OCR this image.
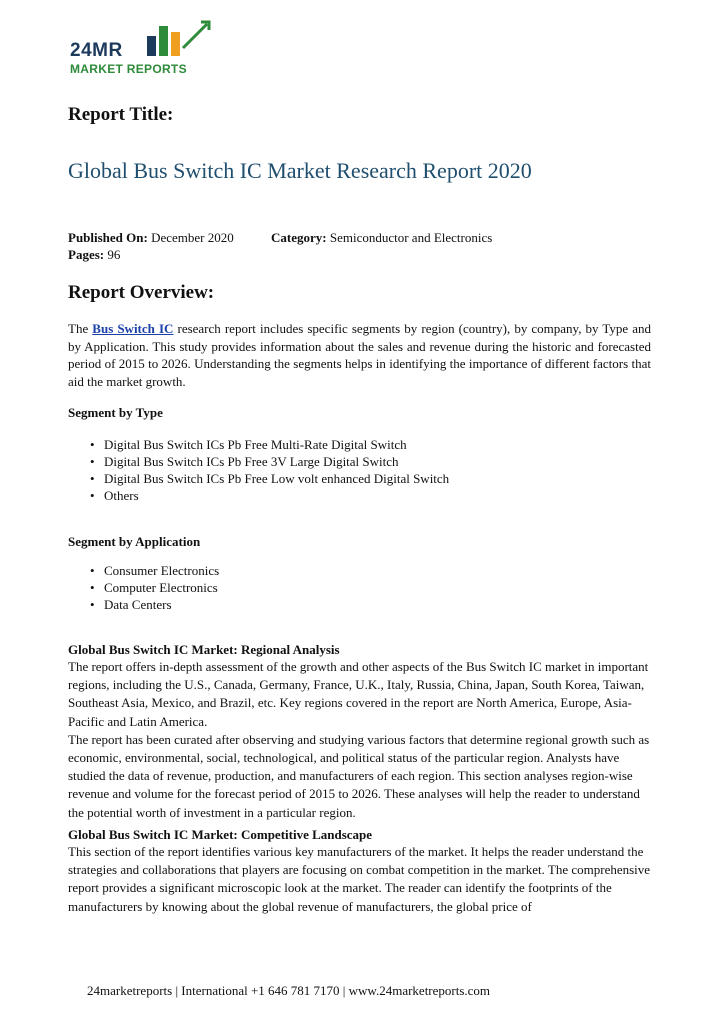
24MR
MARKET REPORTS
Report Title:
Global Bus Switch IC Market Research Report 2020
Published On: December 2020	Category: Semiconductor and Electronics
Pages: 96
Report Overview:

The Bus Switch IC research report includes specific segments by region (country), by company, by Type and by Application. This study provides information about the sales and revenue during the historic and forecasted period of 2015 to 2026. Understanding the segments helps in identifying the importance of different factors that aid the market growth.

Segment by Type
• Digital Bus Switch ICs Pb Free Multi-Rate Digital Switch
• Digital Bus Switch ICs Pb Free 3V Large Digital Switch
• Digital Bus Switch ICs Pb Free Low volt enhanced Digital Switch
• Others
Segment by Application
• Consumer Electronics
• Computer Electronics
• Data Centers
Global Bus Switch IC Market: Regional Analysis
The report offers in-depth assessment of the growth and other aspects of the Bus Switch IC market in important regions, including the U.S., Canada, Germany, France, U.K., Italy, Russia, China, Japan, South Korea, Taiwan, Southeast Asia, Mexico, and Brazil, etc. Key regions covered in the report are North America, Europe, Asia-Pacific and Latin America.
The report has been curated after observing and studying various factors that determine regional growth such as economic, environmental, social, technological, and political status of the particular region. Analysts have studied the data of revenue, production, and manufacturers of each region. This section analyses region-wise revenue and volume for the forecast period of 2015 to 2026. These analyses will help the reader to understand the potential worth of investment in a particular region.
Global Bus Switch IC Market: Competitive Landscape

This section of the report identifies various key manufacturers of the market. It helps the reader understand the strategies and collaborations that players are focusing on combat competition in the market. The comprehensive report provides a significant microscopic look at the market. The reader can identify the footprints of the manufacturers by knowing about the global revenue of manufacturers, the global price of

24marketreports | International +1 646 781 7170 | www.24marketreports.com
